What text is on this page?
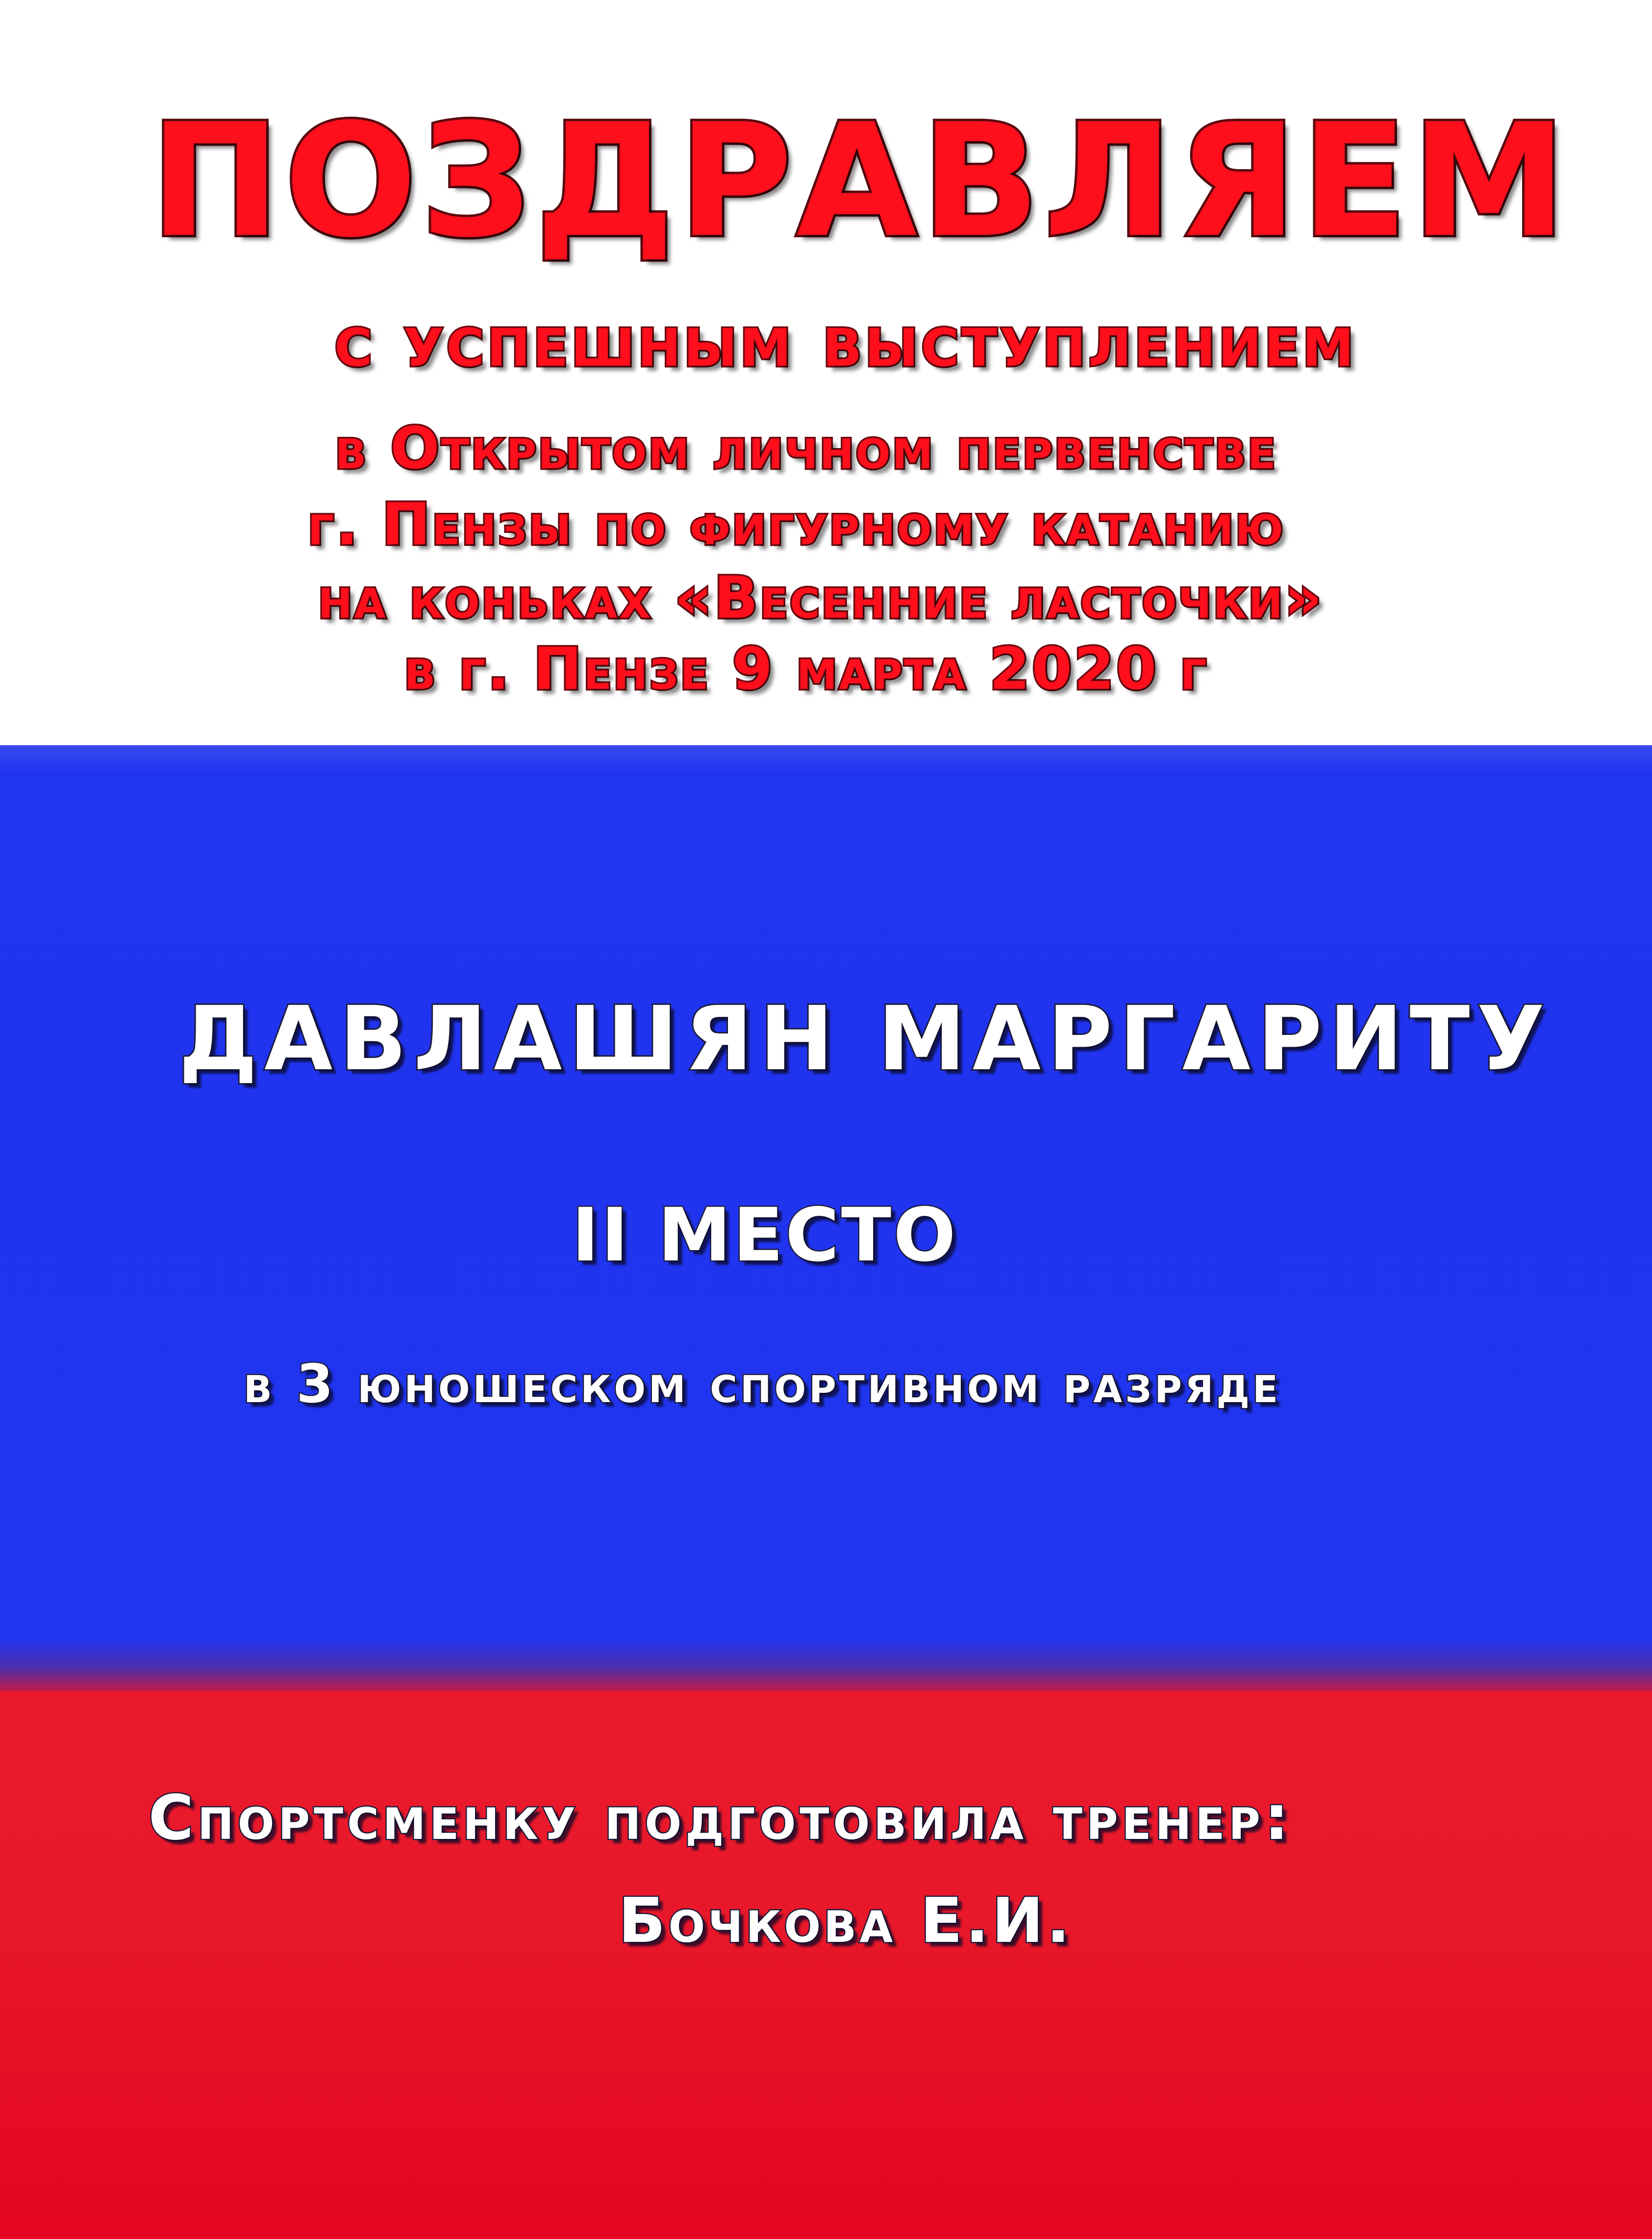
ПОЗДРАВЛЯЕМ

с успешным выступлением

в Открытом личном первенстве

г. Пензы по фигурному катанию

на коньках «Весенние ласточки»

в г. Пензе 9 марта 2020 г

ДАВЛАШЯН МАРГАРИТУ

II МЕСТО

в 3 юношеском спортивном разряде

Спортсменку подготовила тренер:

Бочкова Е.И.
